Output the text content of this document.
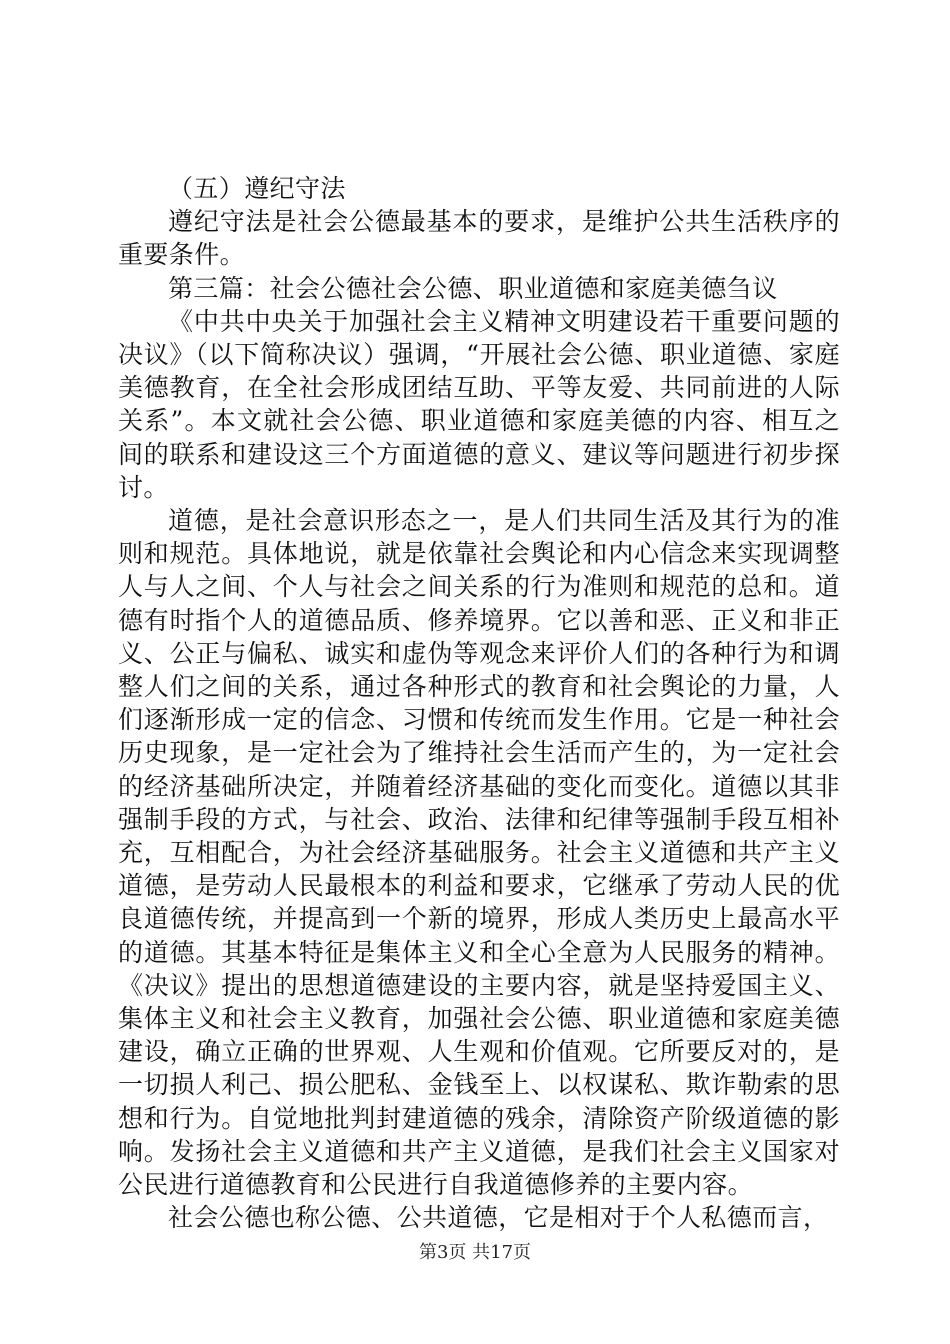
（五）遵纪守法

遵纪守法是社会公德最基本的要求，是维护公共生活秩序的重要条件。

第三篇：社会公德社会公德、职业道德和家庭美德刍议

《中共中央关于加强社会主义精神文明建设若干重要问题的决议》（以下简称决议）强调，“开展社会公德、职业道德、家庭美德教育，在全社会形成团结互助、平等友爱、共同前进的人际关系”。本文就社会公德、职业道德和家庭美德的内容、相互之间的联系和建设这三个方面道德的意义、建议等问题进行初步探讨。

道德，是社会意识形态之一，是人们共同生活及其行为的准则和规范。具体地说，就是依靠社会舆论和内心信念来实现调整人与人之间、个人与社会之间关系的行为准则和规范的总和。道德有时指个人的道德品质、修养境界。它以善和恶、正义和非正义、公正与偏私、诚实和虚伪等观念来评价人们的各种行为和调整人们之间的关系，通过各种形式的教育和社会舆论的力量，人们逐渐形成一定的信念、习惯和传统而发生作用。它是一种社会历史现象，是一定社会为了维持社会生活而产生的，为一定社会的经济基础所决定，并随着经济基础的变化而变化。道德以其非强制手段的方式，与社会、政治、法律和纪律等强制手段互相补充，互相配合，为社会经济基础服务。社会主义道德和共产主义道德，是劳动人民最根本的利益和要求，它继承了劳动人民的优良道德传统，并提高到一个新的境界，形成人类历史上最高水平的道德。其基本特征是集体主义和全心全意为人民服务的精神。《决议》提出的思想道德建设的主要内容，就是坚持爱国主义、集体主义和社会主义教育，加强社会公德、职业道德和家庭美德建设，确立正确的世界观、人生观和价值观。它所要反对的，是一切损人利己、损公肥私、金钱至上、以权谋私、欺诈勒索的思想和行为。自觉地批判封建道德的残余，清除资产阶级道德的影响。发扬社会主义道德和共产主义道德，是我们社会主义国家对公民进行道德教育和公民进行自我道德修养的主要内容。

社会公德也称公德、公共道德，它是相对于个人私德而言，

第3页 共17页
